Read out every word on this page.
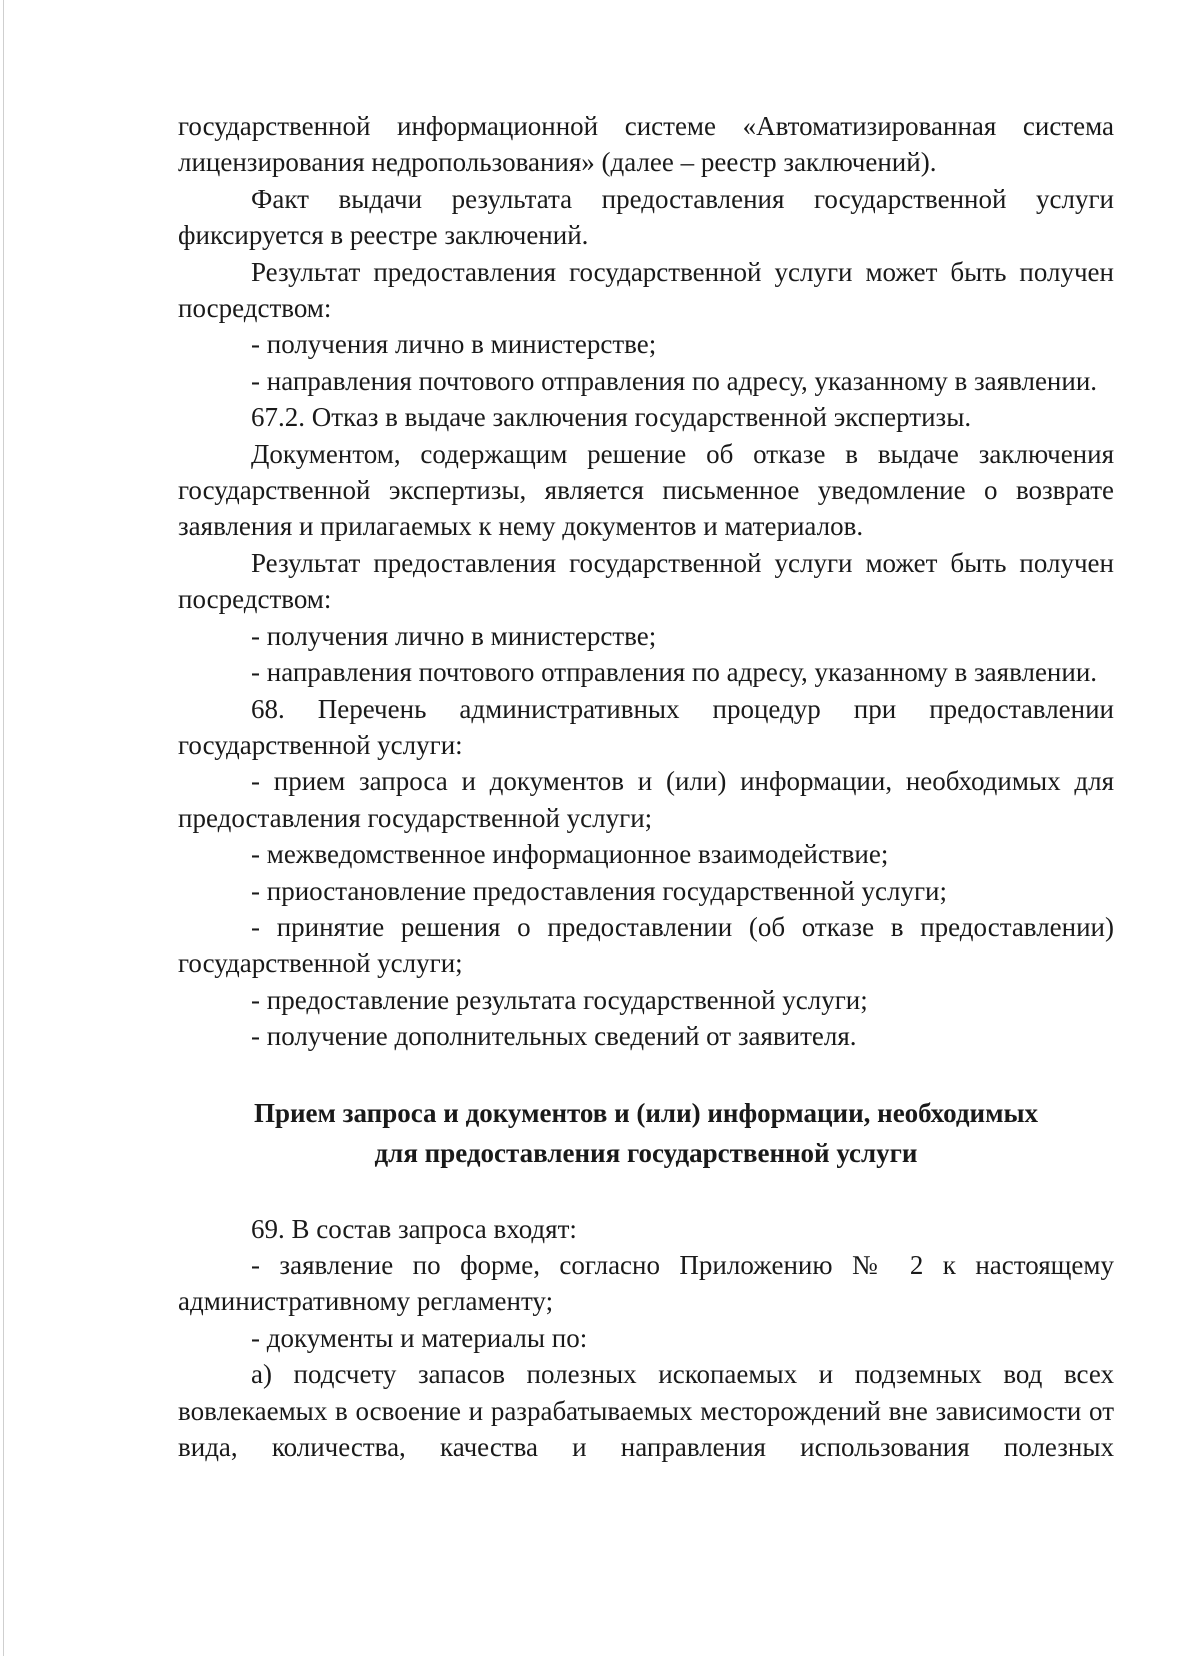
государственной информационной системе «Автоматизированная система лицензирования недропользования» (далее – реестр заключений).

Факт выдачи результата предоставления государственной услуги фиксируется в реестре заключений.

Результат предоставления государственной услуги может быть получен посредством:

- получения лично в министерстве;

- направления почтового отправления по адресу, указанному в заявлении.

67.2. Отказ в выдаче заключения государственной экспертизы.

Документом, содержащим решение об отказе в выдаче заключения государственной экспертизы, является письменное уведомление о возврате заявления и прилагаемых к нему документов и материалов.

Результат предоставления государственной услуги может быть получен посредством:

- получения лично в министерстве;

- направления почтового отправления по адресу, указанному в заявлении.

68. Перечень административных процедур при предоставлении государственной услуги:

- прием запроса и документов и (или) информации, необходимых для предоставления государственной услуги;

- межведомственное информационное взаимодействие;

- приостановление предоставления государственной услуги;

- принятие решения о предоставлении (об отказе в предоставлении) государственной услуги;

- предоставление результата государственной услуги;

- получение дополнительных сведений от заявителя.

Прием запроса и документов и (или) информации, необходимых
для предоставления государственной услуги

69. В состав запроса входят:

- заявление по форме, согласно Приложению № 2 к настоящему административному регламенту;

- документы и материалы по:

а) подсчету запасов полезных ископаемых и подземных вод всех вовлекаемых в освоение и разрабатываемых месторождений вне зависимости от вида, количества, качества и направления использования полезных
